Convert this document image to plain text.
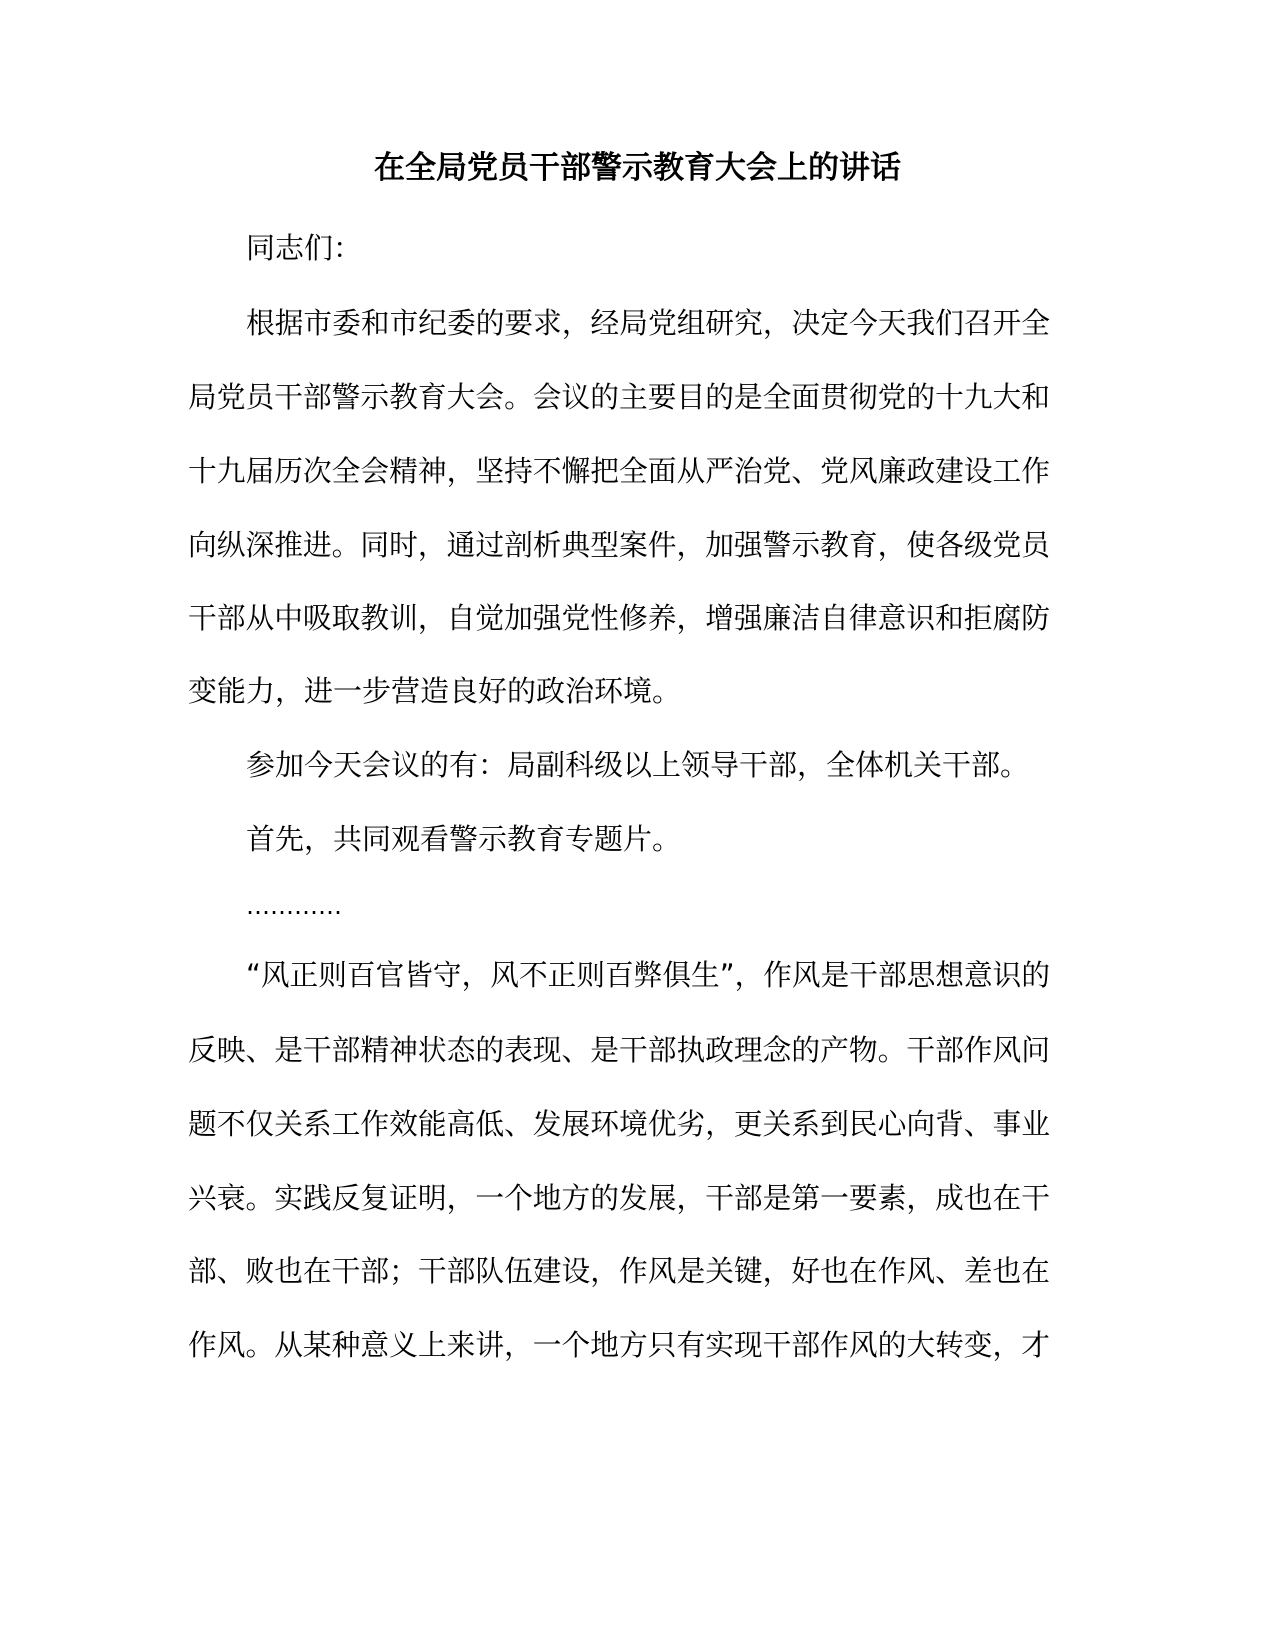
在全局党员干部警示教育大会上的讲话
同志们：
根据市委和市纪委的要求，经局党组研究，决定今天我们召开全
局党员干部警示教育大会。会议的主要目的是全面贯彻党的十九大和
十九届历次全会精神，坚持不懈把全面从严治党、党风廉政建设工作
向纵深推进。同时，通过剖析典型案件，加强警示教育，使各级党员
干部从中吸取教训，自觉加强党性修养，增强廉洁自律意识和拒腐防
变能力，进一步营造良好的政治环境。
参加今天会议的有：局副科级以上领导干部，全体机关干部。
首先，共同观看警示教育专题片。
…………
“风正则百官皆守，风不正则百弊俱生”，作风是干部思想意识的
反映、是干部精神状态的表现、是干部执政理念的产物。干部作风问
题不仅关系工作效能高低、发展环境优劣，更关系到民心向背、事业
兴衰。实践反复证明，一个地方的发展，干部是第一要素，成也在干
部、败也在干部；干部队伍建设，作风是关键，好也在作风、差也在
作风。从某种意义上来讲，一个地方只有实现干部作风的大转变，才
